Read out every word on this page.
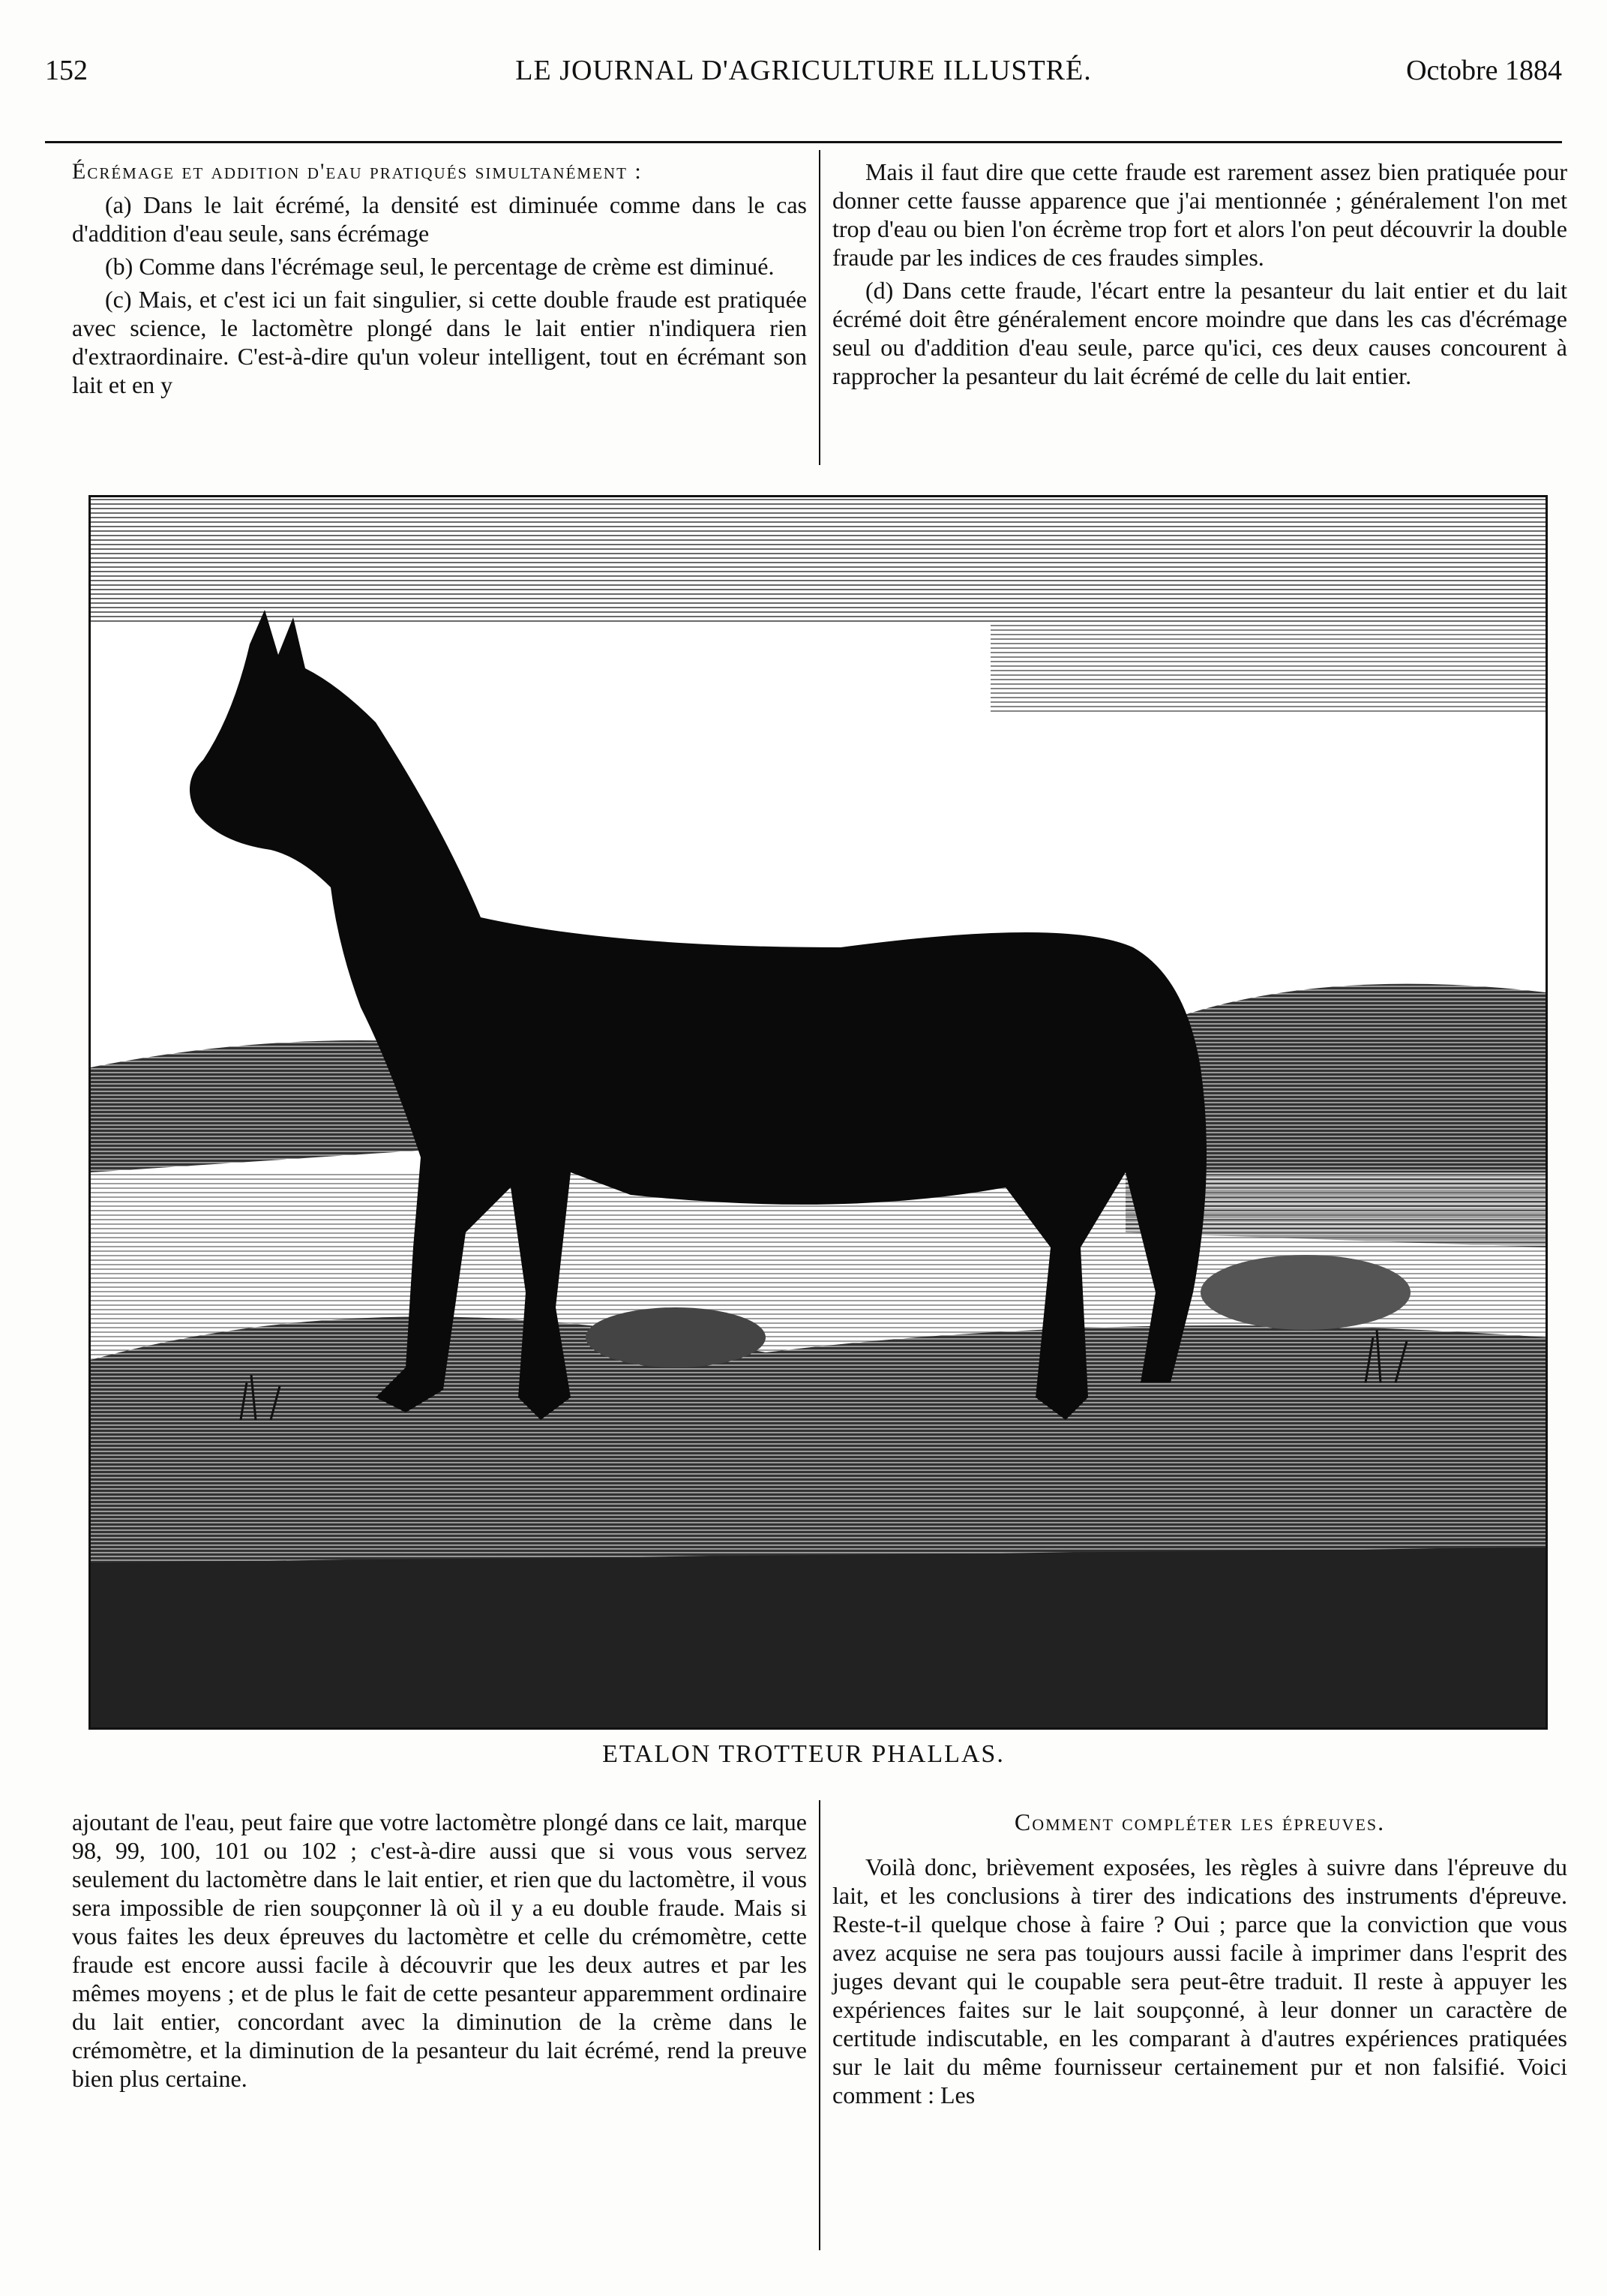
152	LE JOURNAL D'AGRICULTURE ILLUSTRÉ.	Octobre 1884

Écrémage et addition d'eau pratiqués simultanément :

(a) Dans le lait écrémé, la densité est diminuée comme dans le cas d'addition d'eau seule, sans écrémage

(b) Comme dans l'écrémage seul, le percentage de crème est diminué.

(c) Mais, et c'est ici un fait singulier, si cette double fraude est pratiquée avec science, le lactomètre plongé dans le lait entier n'indiquera rien d'extraordinaire. C'est-à-dire qu'un voleur intelligent, tout en écrémant son lait et en y

Mais il faut dire que cette fraude est rarement assez bien pratiquée pour donner cette fausse apparence que j'ai mentionnée ; généralement l'on met trop d'eau ou bien l'on écrème trop fort et alors l'on peut découvrir la double fraude par les indices de ces fraudes simples.

(d) Dans cette fraude, l'écart entre la pesanteur du lait entier et du lait écrémé doit être généralement encore moindre que dans les cas d'écrémage seul ou d'addition d'eau seule, parce qu'ici, ces deux causes concourent à rapprocher la pesanteur du lait écrémé de celle du lait entier.

ETALON TROTTEUR PHALLAS.

ajoutant de l'eau, peut faire que votre lactomètre plongé dans ce lait, marque 98, 99, 100, 101 ou 102 ; c'est-à-dire aussi que si vous vous servez seulement du lactomètre dans le lait entier, et rien que du lactomètre, il vous sera impossible de rien soupçonner là où il y a eu double fraude. Mais si vous faites les deux épreuves du lactomètre et celle du crémomètre, cette fraude est encore aussi facile à découvrir que les deux autres et par les mêmes moyens ; et de plus le fait de cette pesanteur apparemment ordinaire du lait entier, concordant avec la diminution de la crème dans le crémomètre, et la diminution de la pesanteur du lait écrémé, rend la preuve bien plus certaine.

Comment compléter les épreuves.

Voilà donc, brièvement exposées, les règles à suivre dans l'épreuve du lait, et les conclusions à tirer des indications des instruments d'épreuve. Reste-t-il quelque chose à faire ? Oui ; parce que la conviction que vous avez acquise ne sera pas toujours aussi facile à imprimer dans l'esprit des juges devant qui le coupable sera peut-être traduit. Il reste à appuyer les expériences faites sur le lait soupçonné, à leur donner un caractère de certitude indiscutable, en les comparant à d'autres expériences pratiquées sur le lait du même fournisseur certainement pur et non falsifié. Voici comment : Les
